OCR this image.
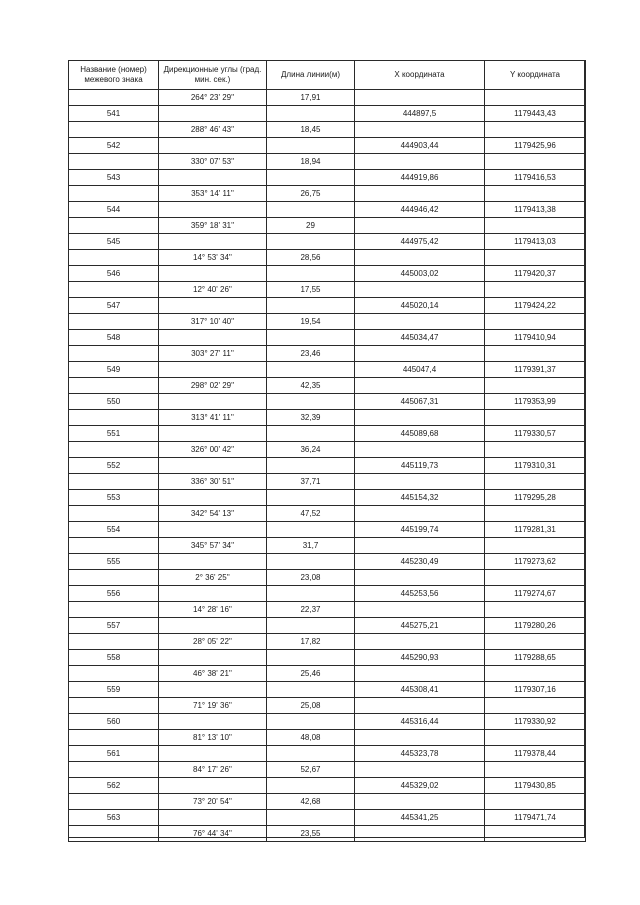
Название (номер) межевого знака	Дирекционные углы (град. мин. сек.)	Длина линии(м)	X координата	Y координата
	264° 23' 29''	17,91		
541			444897,5	1179443,43
	288° 46' 43''	18,45		
542			444903,44	1179425,96
	330° 07' 53''	18,94		
543			444919,86	1179416,53
	353° 14' 11''	26,75		
544			444946,42	1179413,38
	359° 18' 31''	29		
545			444975,42	1179413,03
	14° 53' 34''	28,56		
546			445003,02	1179420,37
	12° 40' 26''	17,55		
547			445020,14	1179424,22
	317° 10' 40''	19,54		
548			445034,47	1179410,94
	303° 27' 11''	23,46		
549			445047,4	1179391,37
	298° 02' 29''	42,35		
550			445067,31	1179353,99
	313° 41' 11''	32,39		
551			445089,68	1179330,57
	326° 00' 42''	36,24		
552			445119,73	1179310,31
	336° 30' 51''	37,71		
553			445154,32	1179295,28
	342° 54' 13''	47,52		
554			445199,74	1179281,31
	345° 57' 34''	31,7		
555			445230,49	1179273,62
	2° 36' 25''	23,08		
556			445253,56	1179274,67
	14° 28' 16''	22,37		
557			445275,21	1179280,26
	28° 05' 22''	17,82		
558			445290,93	1179288,65
	46° 38' 21''	25,46		
559			445308,41	1179307,16
	71° 19' 36''	25,08		
560			445316,44	1179330,92
	81° 13' 10''	48,08		
561			445323,78	1179378,44
	84° 17' 26''	52,67		
562			445329,02	1179430,85
	73° 20' 54''	42,68		
563			445341,25	1179471,74
	76° 44' 34''	23,55		
